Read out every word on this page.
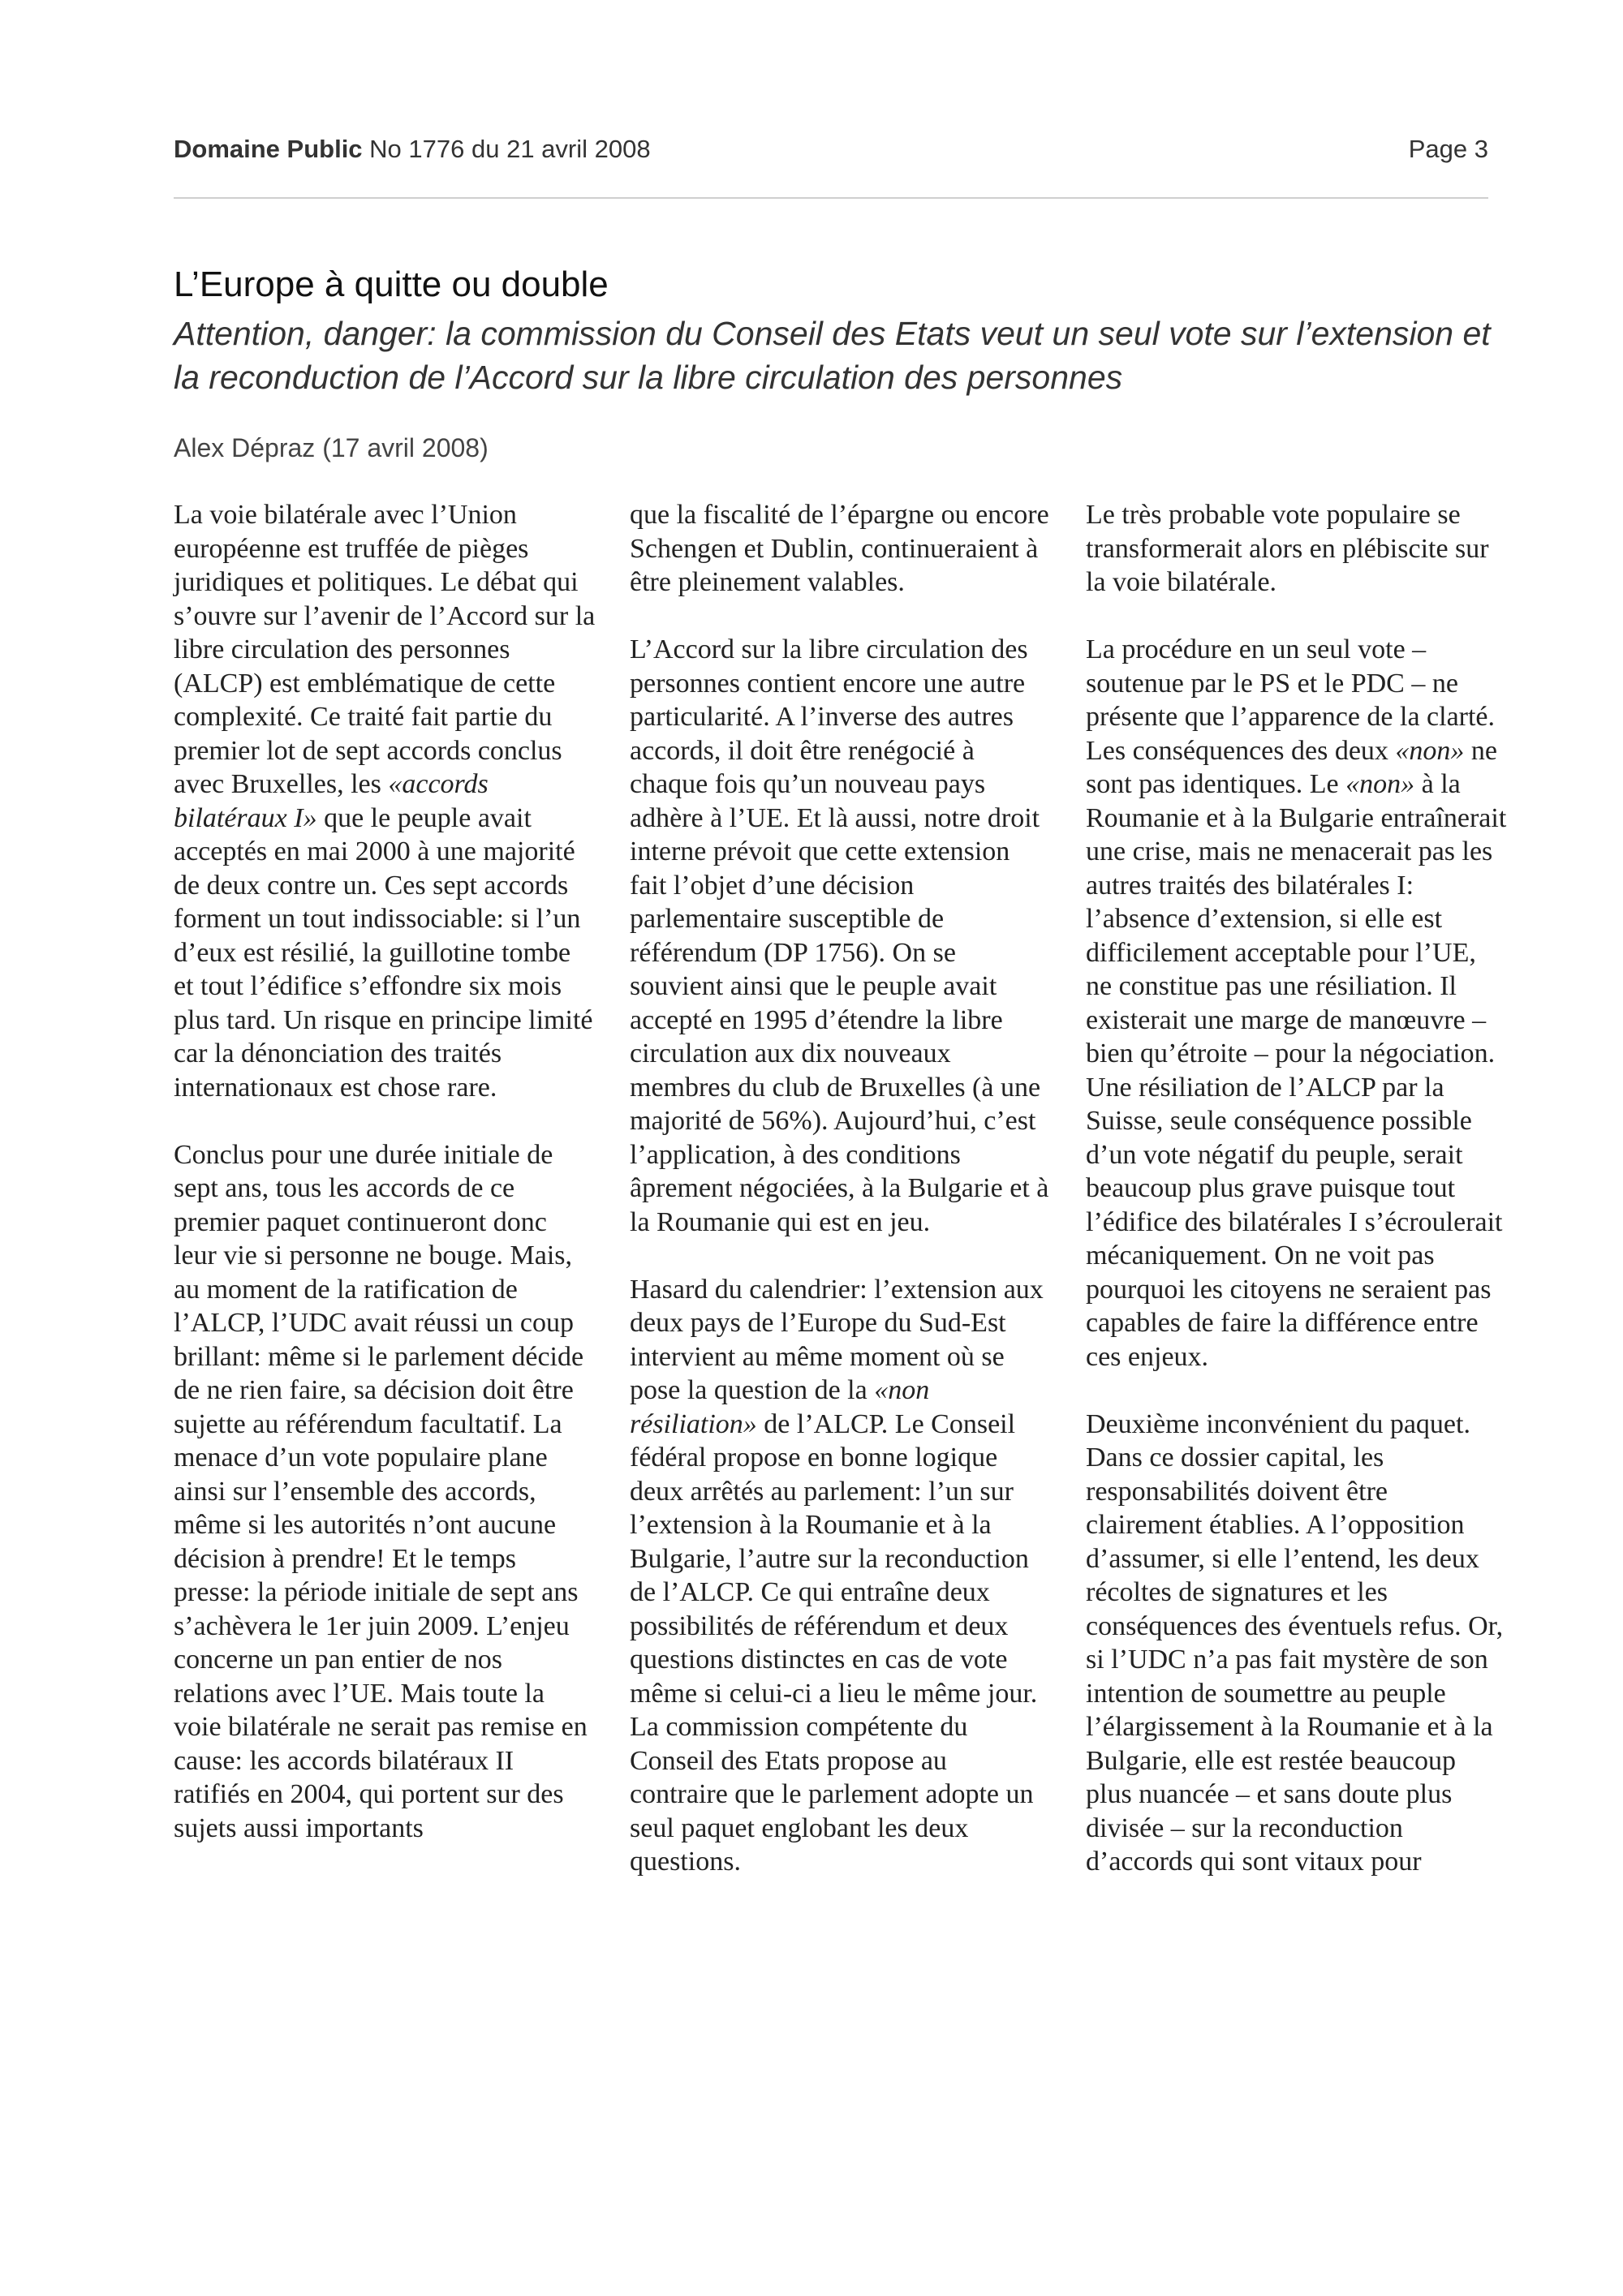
Domaine Public No 1776 du 21 avril 2008	Page 3
L’Europe à quitte ou double

Attention, danger: la commission du Conseil des Etats veut un seul vote sur l’extension et la reconduction de l’Accord sur la libre circulation des personnes

Alex Dépraz (17 avril 2008)

La voie bilatérale avec l’Union européenne est truffée de pièges juridiques et politiques. Le débat qui s’ouvre sur l’avenir de l’Accord sur la libre circulation des personnes (ALCP) est emblématique de cette complexité. Ce traité fait partie du premier lot de sept accords conclus avec Bruxelles, les «accords bilatéraux I» que le peuple avait acceptés en mai 2000 à une majorité de deux contre un. Ces sept accords forment un tout indissociable: si l’un d’eux est résilié, la guillotine tombe et tout l’édifice s’effondre six mois plus tard. Un risque en principe limité car la dénonciation des traités internationaux est chose rare.

Conclus pour une durée initiale de sept ans, tous les accords de ce premier paquet continueront donc leur vie si personne ne bouge. Mais, au moment de la ratification de l’ALCP, l’UDC avait réussi un coup brillant: même si le parlement décide de ne rien faire, sa décision doit être sujette au référendum facultatif. La menace d’un vote populaire plane ainsi sur l’ensemble des accords, même si les autorités n’ont aucune décision à prendre! Et le temps presse: la période initiale de sept ans s’achèvera le 1er juin 2009. L’enjeu concerne un pan entier de nos relations avec l’UE. Mais toute la voie bilatérale ne serait pas remise en cause: les accords bilatéraux II ratifiés en 2004, qui portent sur des sujets aussi importants

que la fiscalité de l’épargne ou encore Schengen et Dublin, continueraient à être pleinement valables.

L’Accord sur la libre circulation des personnes contient encore une autre particularité. A l’inverse des autres accords, il doit être renégocié à chaque fois qu’un nouveau pays adhère à l’UE. Et là aussi, notre droit interne prévoit que cette extension fait l’objet d’une décision parlementaire susceptible de référendum (DP 1756). On se souvient ainsi que le peuple avait accepté en 1995 d’étendre la libre circulation aux dix nouveaux membres du club de Bruxelles (à une majorité de 56%). Aujourd’hui, c’est l’application, à des conditions âprement négociées, à la Bulgarie et à la Roumanie qui est en jeu.

Hasard du calendrier: l’extension aux deux pays de l’Europe du Sud-Est intervient au même moment où se pose la question de la «non résiliation» de l’ALCP. Le Conseil fédéral propose en bonne logique deux arrêtés au parlement: l’un sur l’extension à la Roumanie et à la Bulgarie, l’autre sur la reconduction de l’ALCP. Ce qui entraîne deux possibilités de référendum et deux questions distinctes en cas de vote même si celui-ci a lieu le même jour. La commission compétente du Conseil des Etats propose au contraire que le parlement adopte un seul paquet englobant les deux questions.

Le très probable vote populaire se transformerait alors en plébiscite sur la voie bilatérale.

La procédure en un seul vote – soutenue par le PS et le PDC – ne présente que l’apparence de la clarté. Les conséquences des deux «non» ne sont pas identiques. Le «non» à la Roumanie et à la Bulgarie entraînerait une crise, mais ne menacerait pas les autres traités des bilatérales I: l’absence d’extension, si elle est difficilement acceptable pour l’UE, ne constitue pas une résiliation. Il existerait une marge de manœuvre – bien qu’étroite – pour la négociation. Une résiliation de l’ALCP par la Suisse, seule conséquence possible d’un vote négatif du peuple, serait beaucoup plus grave puisque tout l’édifice des bilatérales I s’écroulerait mécaniquement. On ne voit pas pourquoi les citoyens ne seraient pas capables de faire la différence entre ces enjeux.

Deuxième inconvénient du paquet. Dans ce dossier capital, les responsabilités doivent être clairement établies. A l’opposition d’assumer, si elle l’entend, les deux récoltes de signatures et les conséquences des éventuels refus. Or, si l’UDC n’a pas fait mystère de son intention de soumettre au peuple l’élargissement à la Roumanie et à la Bulgarie, elle est restée beaucoup plus nuancée – et sans doute plus divisée – sur la reconduction d’accords qui sont vitaux pour
